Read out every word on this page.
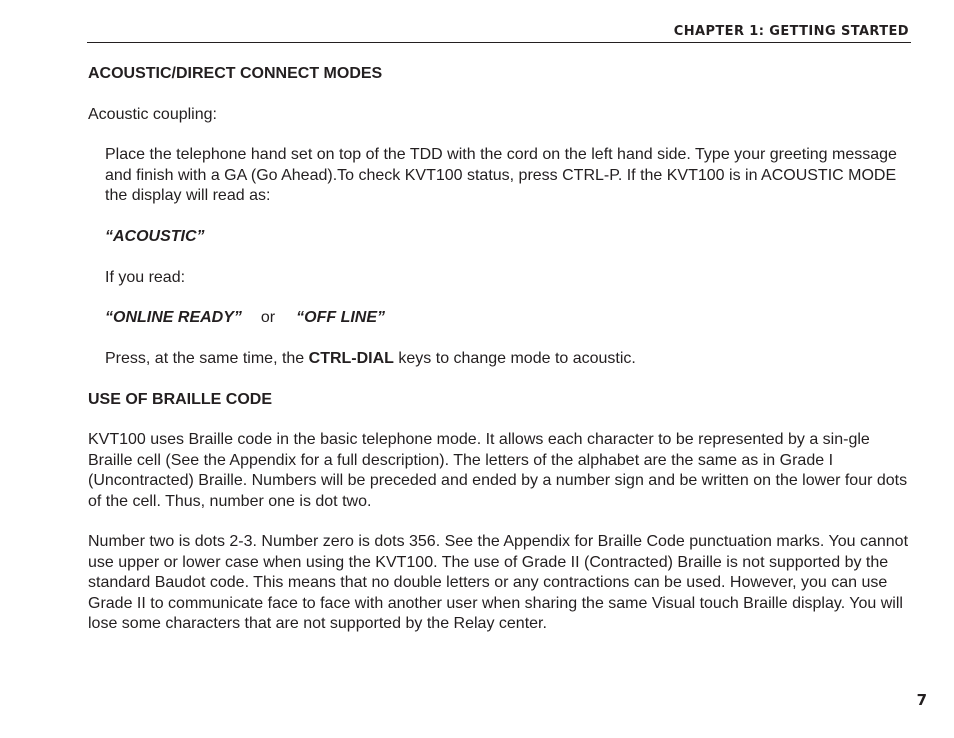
CHAPTER 1: GETTING STARTED

ACOUSTIC/DIRECT CONNECT MODES

Acoustic coupling:

Place the telephone hand set on top of the TDD with the cord on the left hand side. Type your greeting message and finish with a GA (Go Ahead).To check KVT100 status, press CTRL-P. If the KVT100 is in ACOUSTIC MODE the display will read as:

“ACOUSTIC”

If you read:

“ONLINE READY” or “OFF LINE”

Press, at the same time, the CTRL-DIAL keys to change mode to acoustic.

USE OF BRAILLE CODE

KVT100 uses Braille code in the basic telephone mode. It allows each character to be represented by a sin-gle Braille cell (See the Appendix for a full description). The letters of the alphabet are the same as in Grade I (Uncontracted) Braille. Numbers will be preceded and ended by a number sign and be written on the lower four dots of the cell. Thus, number one is dot two.

Number two is dots 2-3. Number zero is dots 356. See the Appendix for Braille Code punctuation marks. You cannot use upper or lower case when using the KVT100. The use of Grade II (Contracted) Braille is not supported by the standard Baudot code. This means that no double letters or any contractions can be used. However, you can use Grade II to communicate face to face with another user when sharing the same Visual touch Braille display. You will lose some characters that are not supported by the Relay center.

7
